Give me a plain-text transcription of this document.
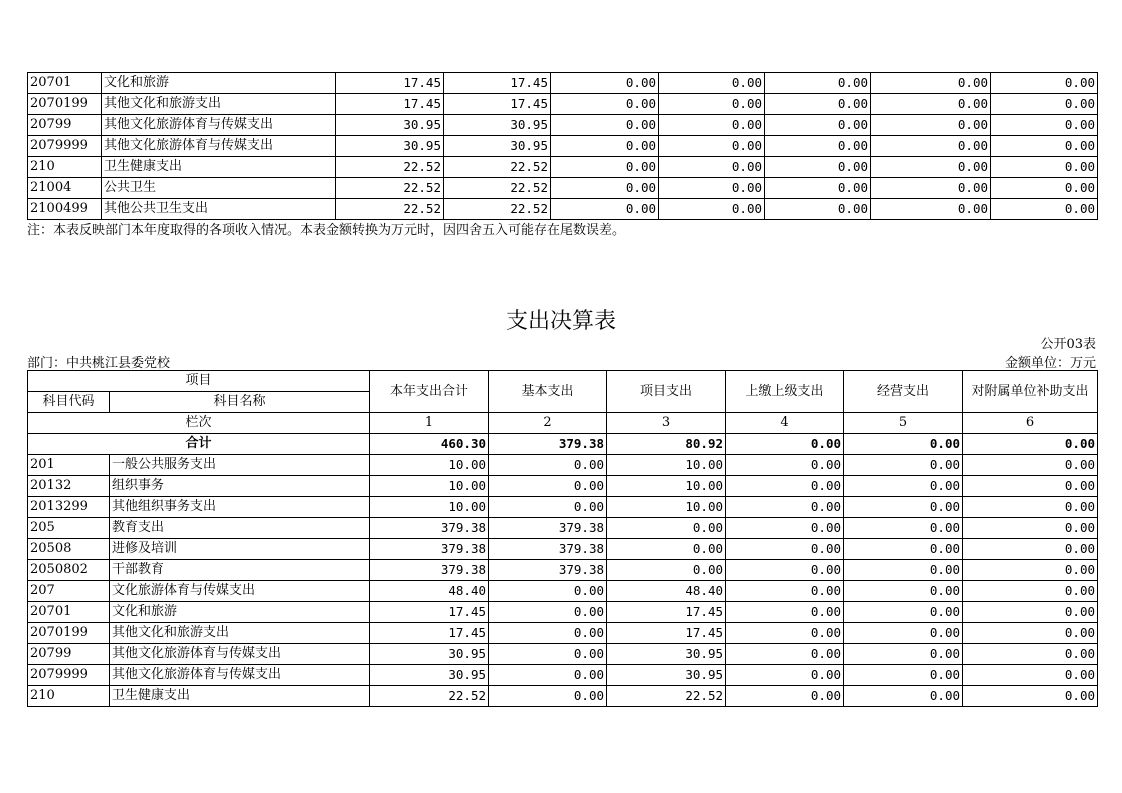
20701	文化和旅游	17.45	17.45	0.00	0.00	0.00	0.00	0.00
2070199	其他文化和旅游支出	17.45	17.45	0.00	0.00	0.00	0.00	0.00
20799	其他文化旅游体育与传媒支出	30.95	30.95	0.00	0.00	0.00	0.00	0.00
2079999	其他文化旅游体育与传媒支出	30.95	30.95	0.00	0.00	0.00	0.00	0.00
210	卫生健康支出	22.52	22.52	0.00	0.00	0.00	0.00	0.00
21004	公共卫生	22.52	22.52	0.00	0.00	0.00	0.00	0.00
2100499	其他公共卫生支出	22.52	22.52	0.00	0.00	0.00	0.00	0.00
注：本表反映部门本年度取得的各项收入情况。本表金额转换为万元时，因四舍五入可能存在尾数误差。
支出决算表
公开03表
部门：中共桃江县委党校	金额单位：万元
项目		本年支出合计	基本支出	项目支出	上缴上级支出	经营支出	对附属单位补助支出
科目代码	科目名称						
栏次		1	2	3	4	5	6
合计		460.30	379.38	80.92	0.00	0.00	0.00
201	一般公共服务支出	10.00	0.00	10.00	0.00	0.00	0.00
20132	组织事务	10.00	0.00	10.00	0.00	0.00	0.00
2013299	其他组织事务支出	10.00	0.00	10.00	0.00	0.00	0.00
205	教育支出	379.38	379.38	0.00	0.00	0.00	0.00
20508	进修及培训	379.38	379.38	0.00	0.00	0.00	0.00
2050802	干部教育	379.38	379.38	0.00	0.00	0.00	0.00
207	文化旅游体育与传媒支出	48.40	0.00	48.40	0.00	0.00	0.00
20701	文化和旅游	17.45	0.00	17.45	0.00	0.00	0.00
2070199	其他文化和旅游支出	17.45	0.00	17.45	0.00	0.00	0.00
20799	其他文化旅游体育与传媒支出	30.95	0.00	30.95	0.00	0.00	0.00
2079999	其他文化旅游体育与传媒支出	30.95	0.00	30.95	0.00	0.00	0.00
210	卫生健康支出	22.52	0.00	22.52	0.00	0.00	0.00
